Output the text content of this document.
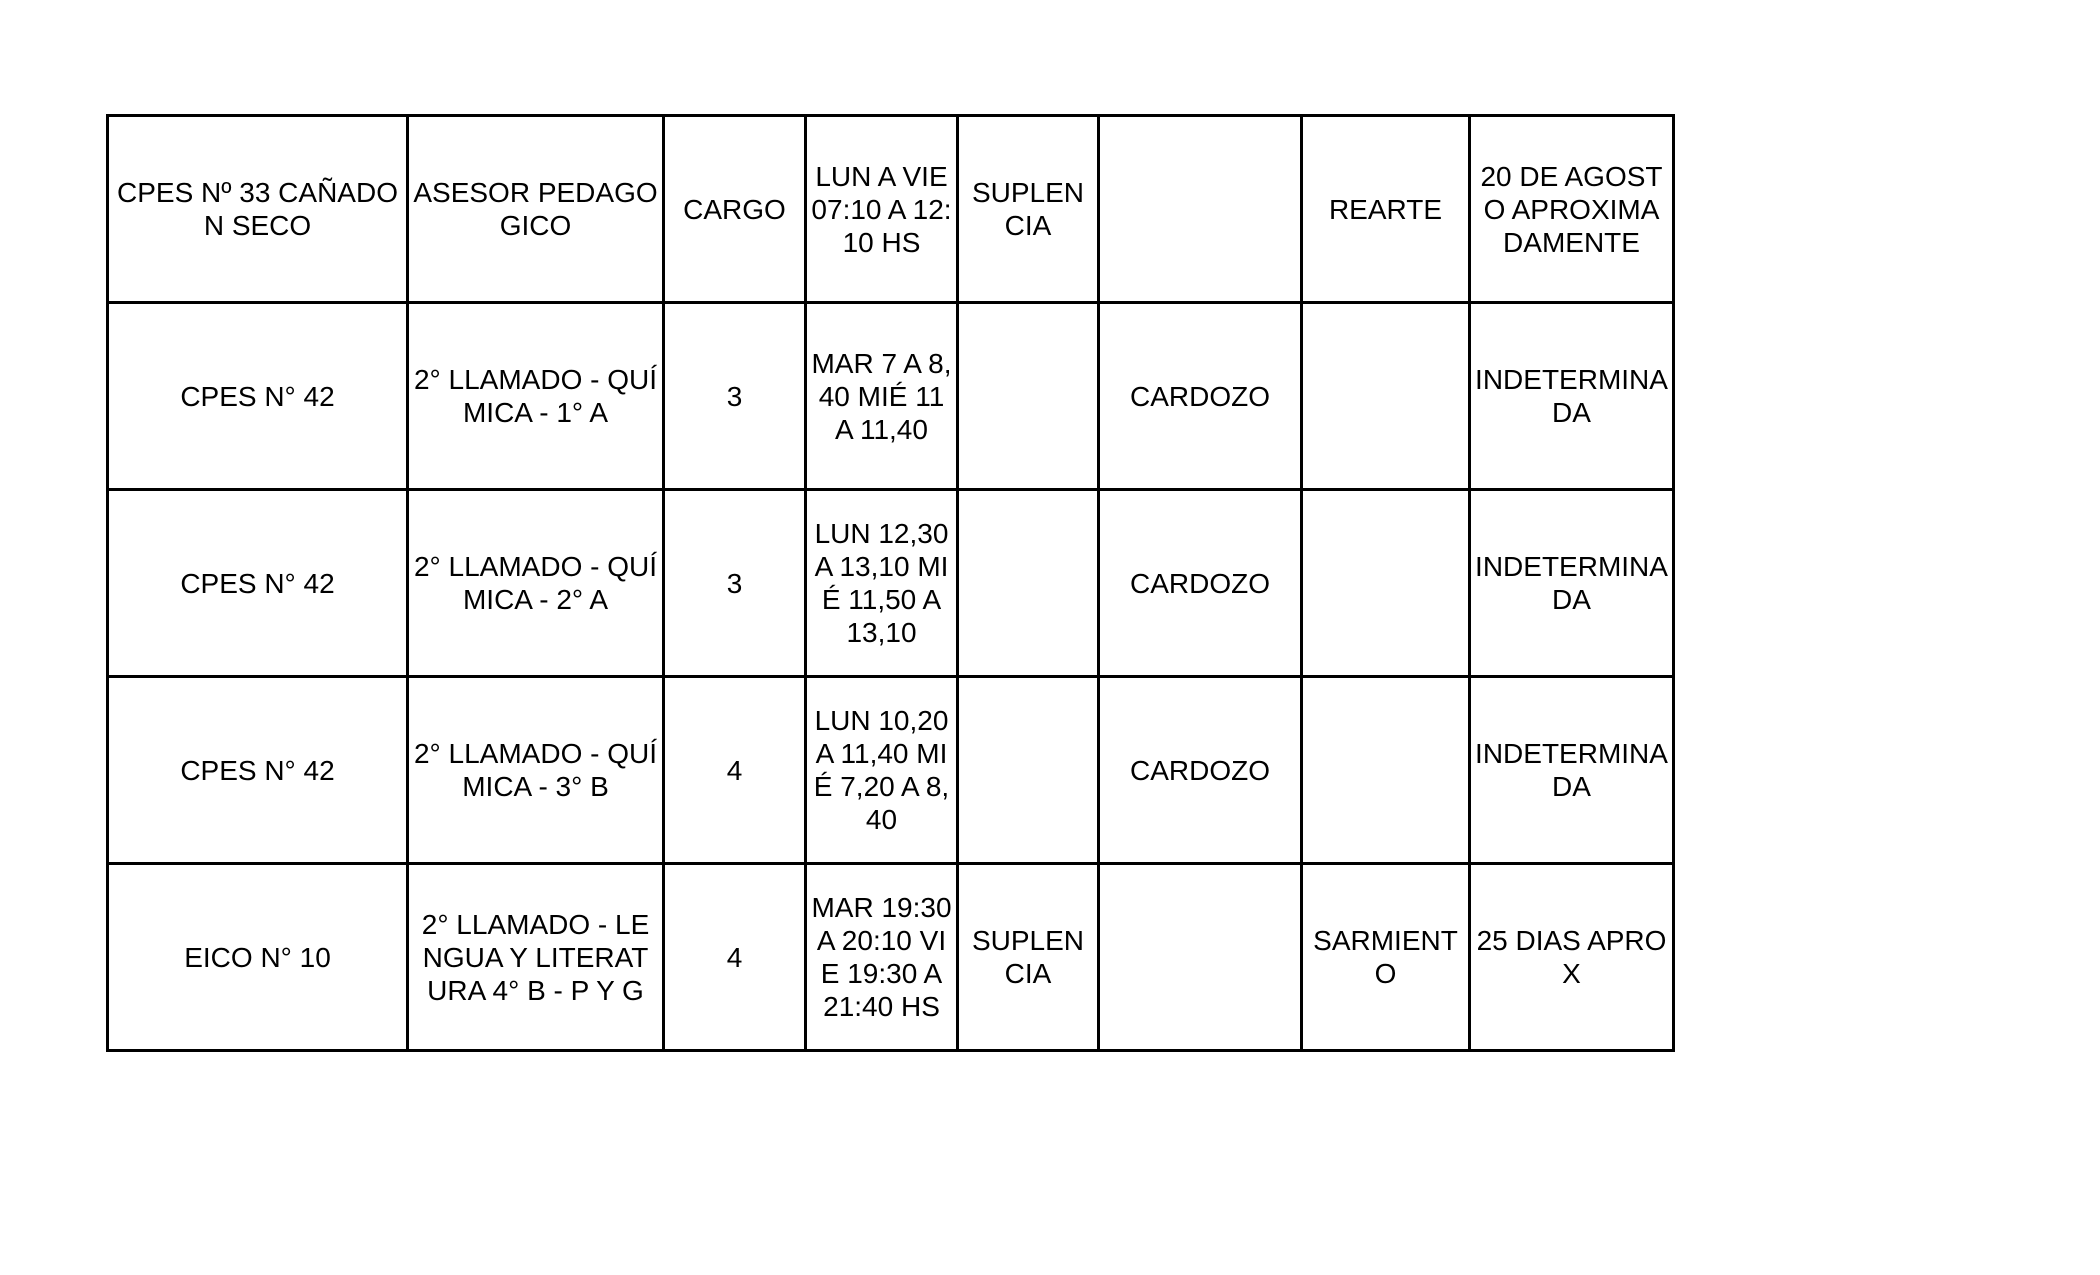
CPES Nº 33 CAÑADON SECO	ASESOR PEDAGOGICO	CARGO	LUN A VIE 07:10 A 12:10 HS	SUPLENCIA		REARTE	20 DE AGOSTO APROXIMADAMENTE

CPES N° 42	2° LLAMADO - QUÍMICA - 1° A	3	MAR 7 A 8,40 MIÉ 11 A 11,40		CARDOZO		INDETERMINADA

CPES N° 42	2° LLAMADO - QUÍMICA - 2° A	3	LUN 12,30 A 13,10 MIÉ 11,50 A 13,10		CARDOZO		INDETERMINADA

CPES N° 42	2° LLAMADO - QUÍMICA - 3° B	4	LUN 10,20 A 11,40 MIÉ 7,20 A 8,40		CARDOZO		INDETERMINADA

EICO N° 10	2° LLAMADO - LENGUA Y LITERATURA 4° B - P Y G	4	MAR 19:30 A 20:10 VIE 19:30 A 21:40 HS	SUPLENCIA		SARMIENTO	25 DIAS APROX
